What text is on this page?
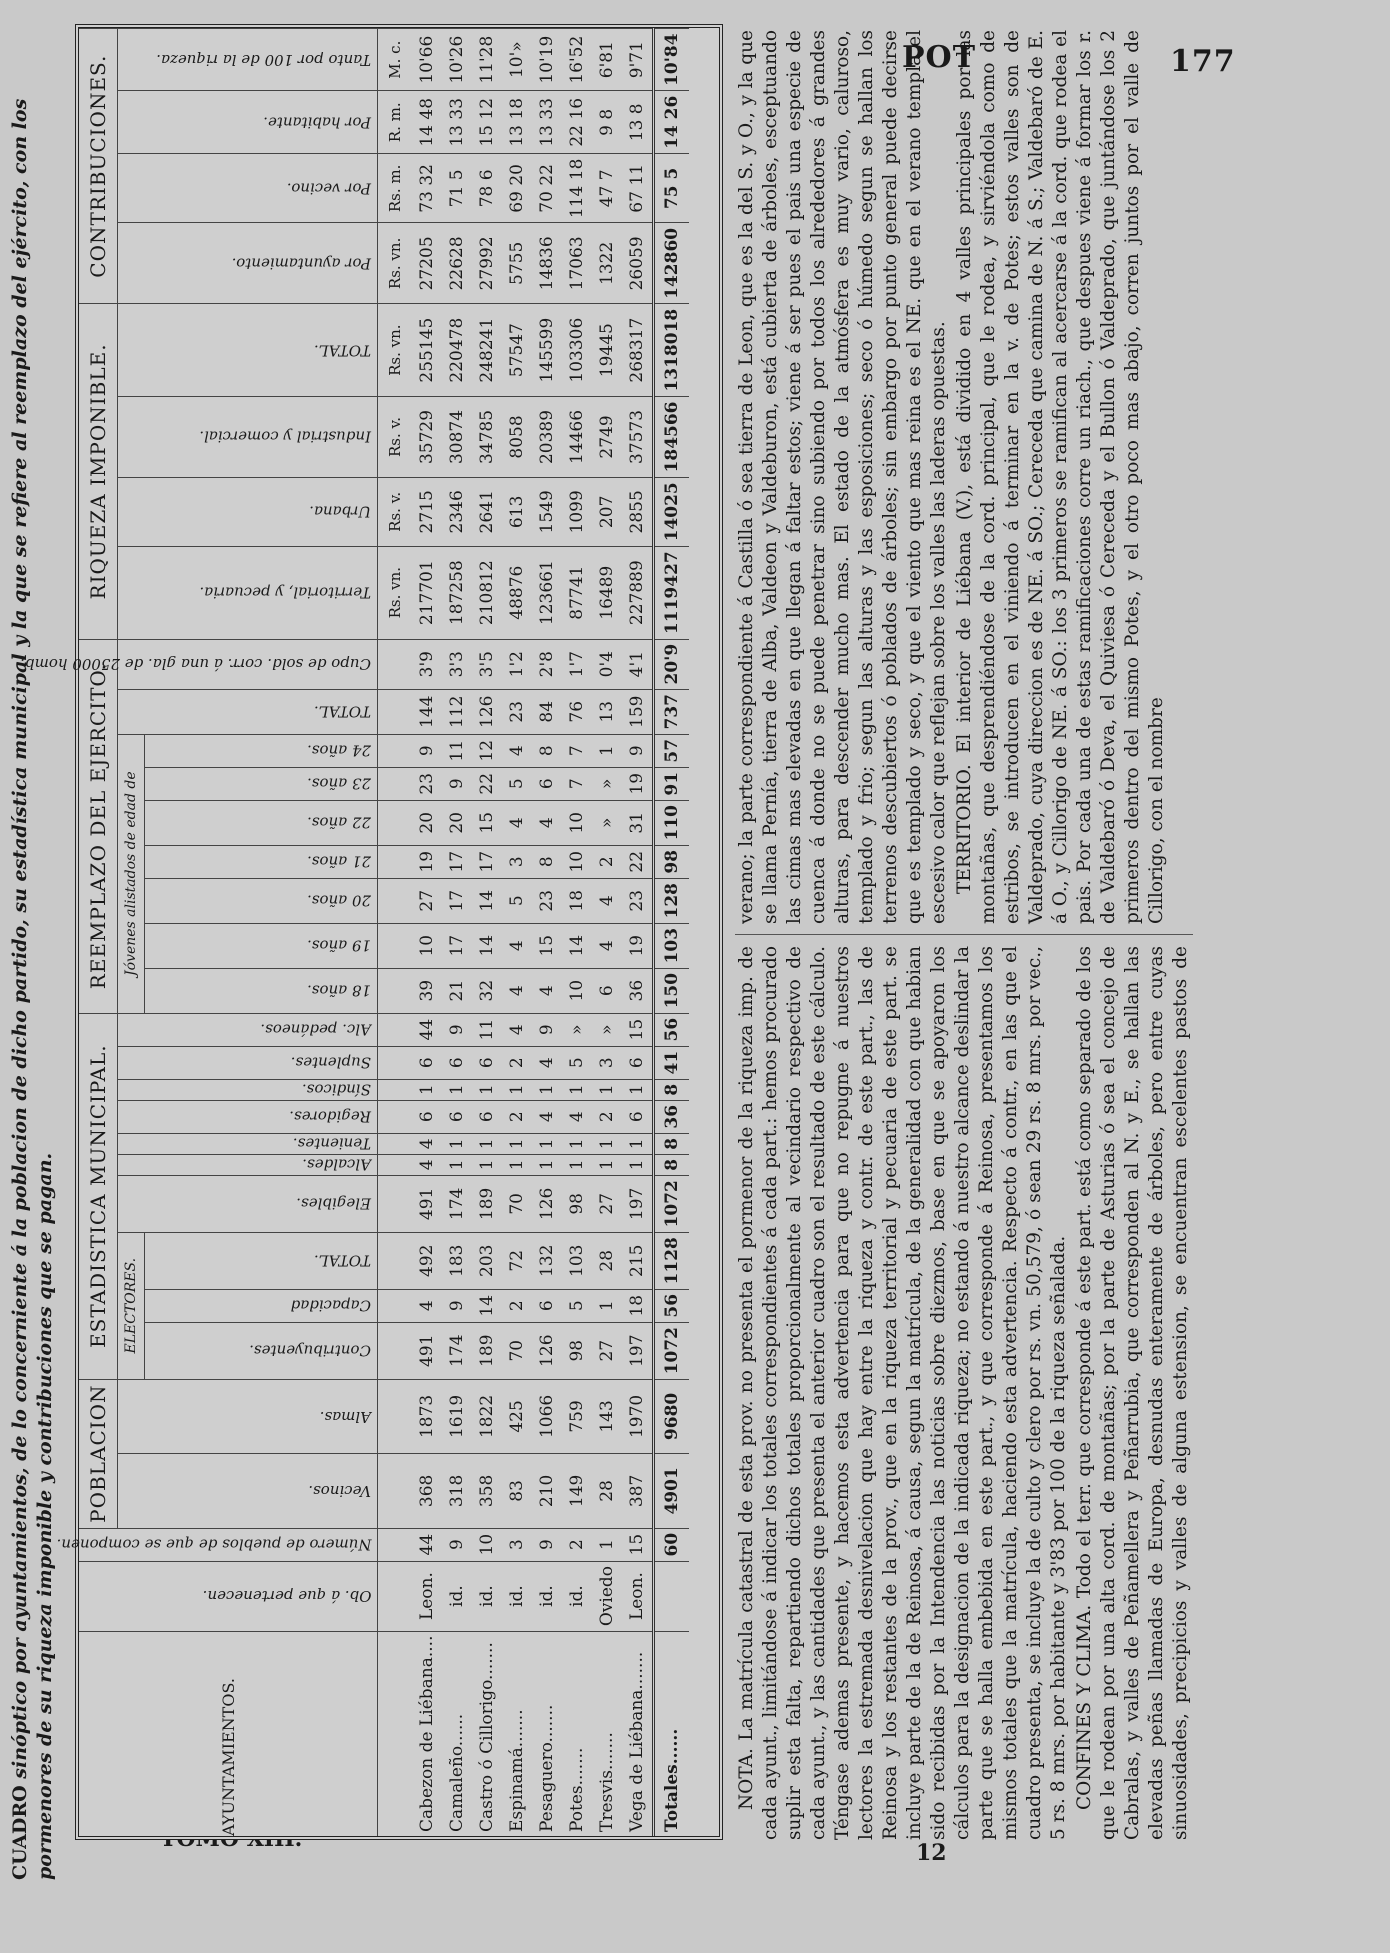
POT	177
12
CUADRO sinóptico por ayuntamientos, de lo concerniente á la poblacion de dicho partido, su estadística municipal y la que se refiere al reemplazo del ejército, con los pormenores de su riqueza imponible y contribuciones que se pagan.	AYUNTAMIENTOS.	Ob. á que pertenecen.	Número de pueblos de que se componen.	POBLACION		ESTADISTICA MUNICIPAL.										REEMPLAZO DEL EJERCITO.									RIQUEZA IMPONIBLE.				CONTRIBUCIONES.			
			Vecinos.	Almas.	ELECTORES.			Elegibles.	Alcaldes.	Tenientes.	Regidores.	Síndicos.	Suplentes.	Alc. pedáneos.	Jóvenes alistados de edad de							TOTAL.	Cupo de sold. corr. á una gla. de 25000 homb.	Territorial, y pecuaria.	Urbana.	Industrial y comercial.	TOTAL.	Por ayuntamiento.	Por vecino.	Por habitante.	Tanto por 100 de la riqueza.
					Contribuyentes.	Capacidad	TOTAL.								18 años.	19 años.	20 años.	21 años.	22 años.	23 años.	24 años.										
																								Rs. vn.	Rs. v.	Rs. v.	Rs. vn.	Rs. vn.	Rs. m.	R. m.	M. c.
Cabezon de Liébana....	Leon.	44	368	1873	491	4	492	491	4	4	6	1	6	44	39	10	27	19	20	23	9	144	3'9	217701	2715	35729	255145	27205	73 32	14 48	10'66
Camaleño......	id.	9	318	1619	174	9	183	174	1	1	6	1	6	9	21	17	17	17	20	9	11	112	3'3	187258	2346	30874	220478	22628	71 5	13 33	10'26
Castro ó Cillorigo.......	id.	10	358	1822	189	14	203	189	1	1	6	1	6	11	32	14	14	17	15	22	12	126	3'5	210812	2641	34785	248241	27992	78 6	15 12	11'28
Espinamá.......	id.	3	83	425	70	2	72	70	1	1	2	1	2	4	4	4	5	3	4	5	4	23	1'2	48876	613	8058	57547	5755	69 20	13 18	10'»
Pesaguero.......	id.	9	210	1066	126	6	132	126	1	1	4	1	4	9	4	15	23	8	4	6	8	84	2'8	123661	1549	20389	145599	14836	70 22	13 33	10'19
Potes.......	id.	2	149	759	98	5	103	98	1	1	4	1	5	»	10	14	18	10	10	7	7	76	1'7	87741	1099	14466	103306	17063	114 18	22 16	16'52
Tresvis.......	Oviedo	1	28	143	27	1	28	27	1	1	2	1	3	»	6	4	4	2	»	»	1	13	0'4	16489	207	2749	19445	1322	47 7	9 8	6'81
Vega de Liébana.......	Leon.	15	387	1970	197	18	215	197	1	1	6	1	6	15	36	19	23	22	31	19	9	159	4'1	227889	2855	37573	268317	26059	67 11	13 8	9'71
Totales......		60	4901	9680	1072	56	1128	1072	8	8	36	8	41	56	150	103	128	98	110	91	57	737	20'9	1119427	14025	184566	1318018	142860	75 5	14 26	10'84

NOTA. La matrícula catastral de esta prov. no presenta el pormenor de la riqueza imp. de cada ayunt., limitándose á indicar los totales correspondientes á cada part.: hemos procurado suplir esta falta, repartiendo dichos totales proporcionalmente al vecindario respectivo de cada ayunt., y las cantidades que presenta el anterior cuadro son el resultado de este cálculo. Téngase ademas presente, y hacemos esta advertencia para que no repugne á nuestros lectores la estremada desnivelacion que hay entre la riqueza y contr. de este part., las de Reinosa y los restantes de la prov., que en la riqueza territorial y pecuaria de este part. se incluye parte de la de Reinosa, á causa, segun la matrícula, de la generalidad con que habian sido recibidas por la Intendencia las noticias sobre diezmos, base en que se apoyaron los cálculos para la designacion de la indicada riqueza; no estando á nuestro alcance deslindar la parte que se halla embebida en este part., y que corresponde á Reinosa, presentamos los mismos totales que la matrícula, haciendo esta advertencia. Respecto á contr., en las que el cuadro presenta, se incluye la de culto y clero por rs. vn. 50,579, ó sean 29 rs. 8 mrs. por vec., 5 rs. 8 mrs. por habitante y 3'83 por 100 de la riqueza señalada. CONFINES Y CLIMA. Todo el terr. que corresponde á este part. está como separado de los que le rodean por una alta cord. de montañas; por la parte de Asturias ó sea el concejo de Cabralas, y valles de Peñamellera y Peñarrubia, que corresponden al N. y E., se hallan las elevadas peñas llamadas de Europa, desnudas enteramente de árboles, pero entre cuyas sinuosidades, precipicios y valles de alguna estension, se encuentran escelentes pastos de verano; la parte correspondiente á Castilla ó sea tierra de Leon, que es la del S. y O., y la que se llama Pernía, tierra de Alba, Valdeon y Valdeburon, está cubierta de árboles, esceptuando las cimas mas elevadas en que llegan á faltar estos; viene á ser pues el pais una especie de cuenca á donde no se puede penetrar sino subiendo por todos los alrededores á grandes alturas, para descender mucho mas. El estado de la atmósfera es muy vario, caluroso, templado y frio; segun las alturas y las esposiciones; seco ó húmedo segun se hallan los terrenos descubiertos ó poblados de árboles; sin embargo por punto general puede decirse que es templado y seco, y que el viento que mas reina es el NE. que en el verano templa el escesivo calor que reflejan sobre los valles las laderas opuestas. TERRITORIO. El interior de Liébana (V.), está dividido en 4 valles principales por las montañas, que desprendiéndose de la cord. principal, que le rodea, y sirviéndola como de estribos, se introducen en el viniendo á terminar en la v. de Potes; estos valles son de Valdeprado, cuya direccion es de NE. á SO.; Cereceda que camina de N. á S.; Valdebaró de E. á O., y Cillorigo de NE. á SO.: los 3 primeros se ramifican al acercarse á la cord. que rodea el pais. Por cada una de estas ramificaciones corre un riach., que despues viene á formar los r. de Valdebaró ó Deva, el Quiviesa ó Cereceda y el Bullon ó Valdeprado, que juntándose los 2 primeros dentro del mismo Potes, y el otro poco mas abajo, corren juntos por el valle de Cillorigo, con el nombre
